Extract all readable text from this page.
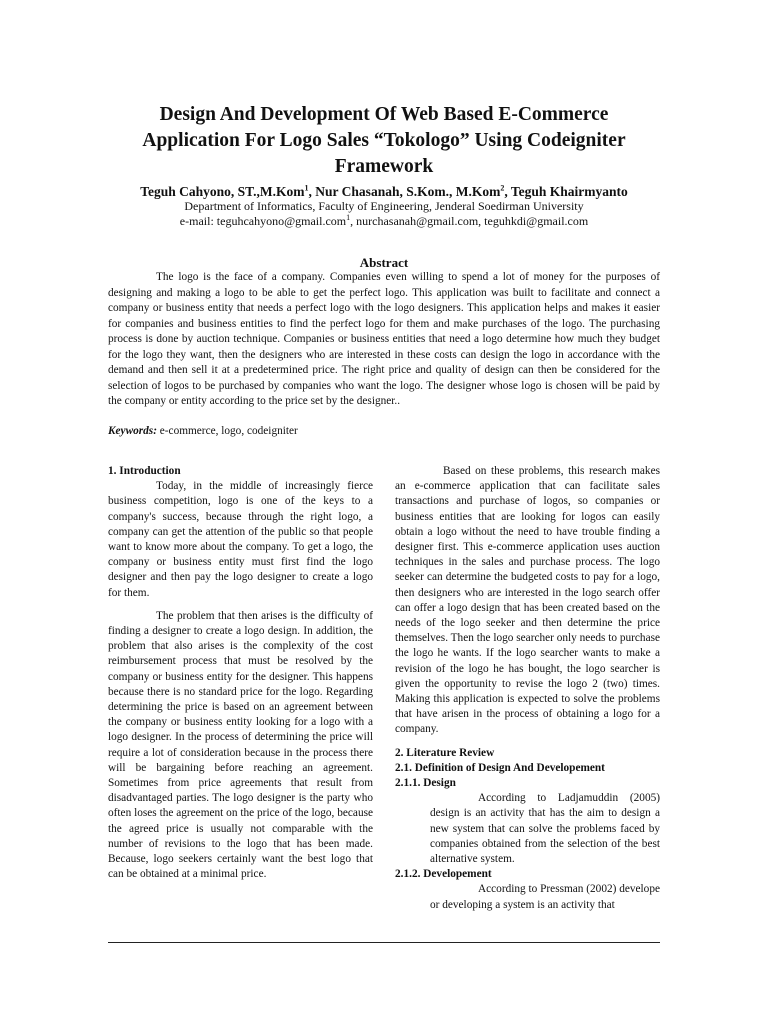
Design And Development Of Web Based E-Commerce
Application For Logo Sales “Tokologo” Using Codeigniter
Framework
Teguh Cahyono, ST.,M.Kom$^1$, Nur Chasanah, S.Kom., M.Kom$^2$, Teguh Khairmyanto
Department of Informatics, Faculty of Engineering, Jenderal Soedirman University
e-mail: teguhcahyono@gmail.com$^1$, nurchasanah@gmail.com, teguhkdi@gmail.com
Abstract

The logo is the face of a company. Companies even willing to spend a lot of money for the purposes of designing and making a logo to be able to get the perfect logo. This application was built to facilitate and connect a company or business entity that needs a perfect logo with the logo designers. This application helps and makes it easier for companies and business entities to find the perfect logo for them and make purchases of the logo. The purchasing process is done by auction technique. Companies or business entities that need a logo determine how much they budget for the logo they want, then the designers who are interested in these costs can design the logo in accordance with the demand and then sell it at a predetermined price. The right price and quality of design can then be considered for the selection of logos to be purchased by companies who want the logo. The designer whose logo is chosen will be paid by the company or entity according to the price set by the designer..

Keywords: e-commerce, logo, codeigniter
1. Introduction

Today, in the middle of increasingly fierce business competition, logo is one of the keys to a company's success, because through the right logo, a company can get the attention of the public so that people want to know more about the company. To get a logo, the company or business entity must first find the logo designer and then pay the logo designer to create a logo for them.

The problem that then arises is the difficulty of finding a designer to create a logo design. In addition, the problem that also arises is the complexity of the cost reimbursement process that must be resolved by the company or business entity for the designer. This happens because there is no standard price for the logo. Regarding determining the price is based on an agreement between the company or business entity looking for a logo with a logo designer. In the process of determining the price will require a lot of consideration because in the process there will be bargaining before reaching an agreement. Sometimes from price agreements that result from disadvantaged parties. The logo designer is the party who often loses the agreement on the price of the logo, because the agreed price is usually not comparable with the number of revisions to the logo that has been made. Because, logo seekers certainly want the best logo that can be obtained at a minimal price.

Based on these problems, this research makes an e-commerce application that can facilitate sales transactions and purchase of logos, so companies or business entities that are looking for logos can easily obtain a logo without the need to have trouble finding a designer first. This e-commerce application uses auction techniques in the sales and purchase process. The logo seeker can determine the budgeted costs to pay for a logo, then designers who are interested in the logo search offer can offer a logo design that has been created based on the needs of the logo seeker and then determine the price themselves. Then the logo searcher only needs to purchase the logo he wants. If the logo searcher wants to make a revision of the logo he has bought, the logo searcher is given the opportunity to revise the logo 2 (two) times. Making this application is expected to solve the problems that have arisen in the process of obtaining a logo for a company.

2. Literature Review
2.1. Definition of Design And Developement
2.1.1. Design
According to Ladjamuddin (2005) design is an activity that has the aim to design a new system that can solve the problems faced by companies obtained from the selection of the best alternative system.
2.1.2. Developement
According to Pressman (2002) develope or developing a system is an activity that
